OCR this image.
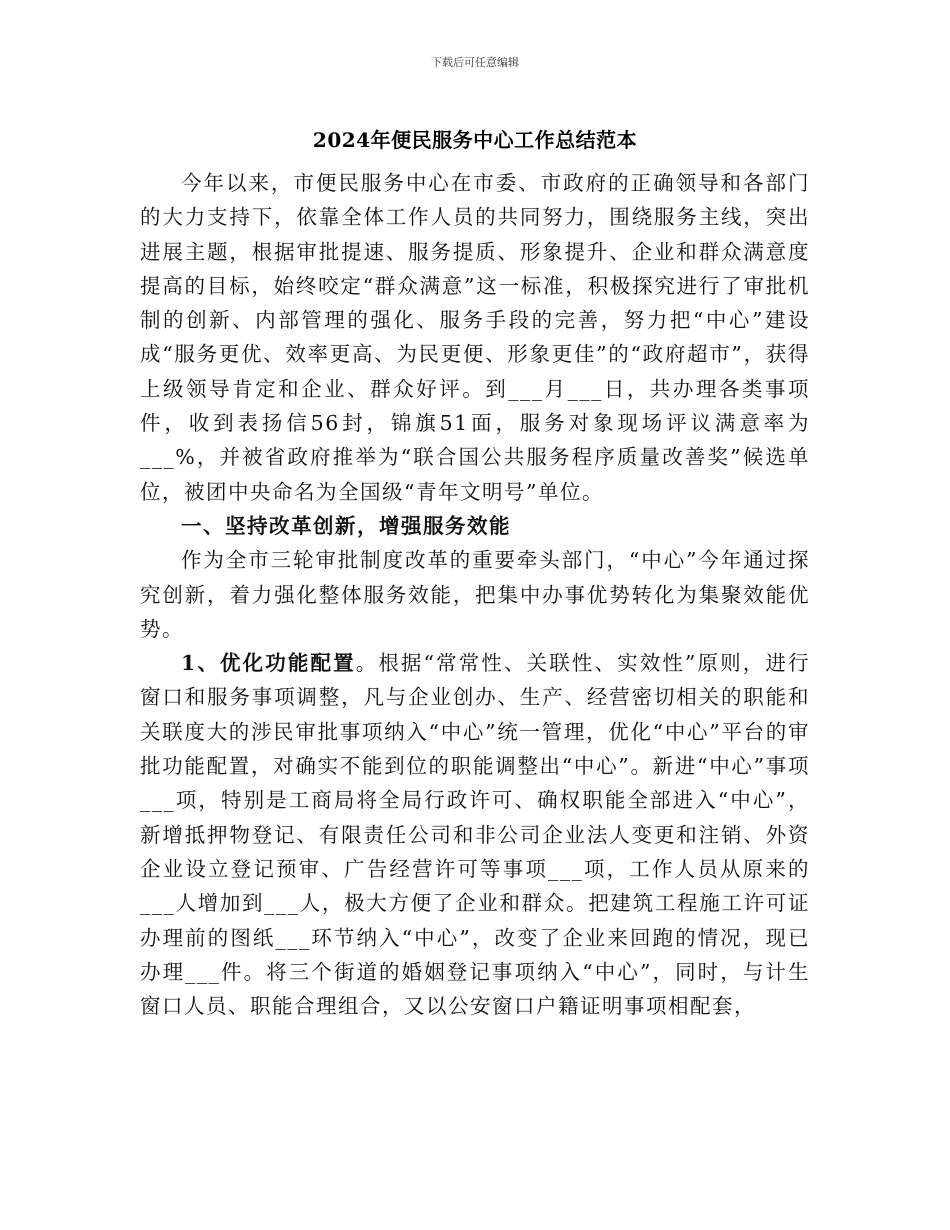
下载后可任意编辑
2024年便民服务中心工作总结范本

今年以来，市便民服务中心在市委、市政府的正确领导和各部门的大力支持下，依靠全体工作人员的共同努力，围绕服务主线，突出进展主题，根据审批提速、服务提质、形象提升、企业和群众满意度提高的目标，始终咬定“群众满意”这一标准，积极探究进行了审批机制的创新、内部管理的强化、服务手段的完善，努力把“中心”建设成“服务更优、效率更高、为民更便、形象更佳”的“政府超市”，获得上级领导肯定和企业、群众好评。到___月___日，共办理各类事项件，收到表扬信56封，锦旗51面，服务对象现场评议满意率为___%，并被省政府推举为“联合国公共服务程序质量改善奖”候选单位，被团中央命名为全国级“青年文明号”单位。

一、坚持改革创新，增强服务效能

作为全市三轮审批制度改革的重要牵头部门，“中心”今年通过探究创新，着力强化整体服务效能，把集中办事优势转化为集聚效能优势。

1、优化功能配置。根据“常常性、关联性、实效性”原则，进行窗口和服务事项调整，凡与企业创办、生产、经营密切相关的职能和关联度大的涉民审批事项纳入“中心”统一管理，优化“中心”平台的审批功能配置，对确实不能到位的职能调整出“中心”。新进“中心”事项___项，特别是工商局将全局行政许可、确权职能全部进入“中心”，新增抵押物登记、有限责任公司和非公司企业法人变更和注销、外资企业设立登记预审、广告经营许可等事项___项，工作人员从原来的___人增加到___人，极大方便了企业和群众。把建筑工程施工许可证办理前的图纸___环节纳入“中心”，改变了企业来回跑的情况，现已办理___件。将三个街道的婚姻登记事项纳入“中心”，同时，与计生窗口人员、职能合理组合，又以公安窗口户籍证明事项相配套，
